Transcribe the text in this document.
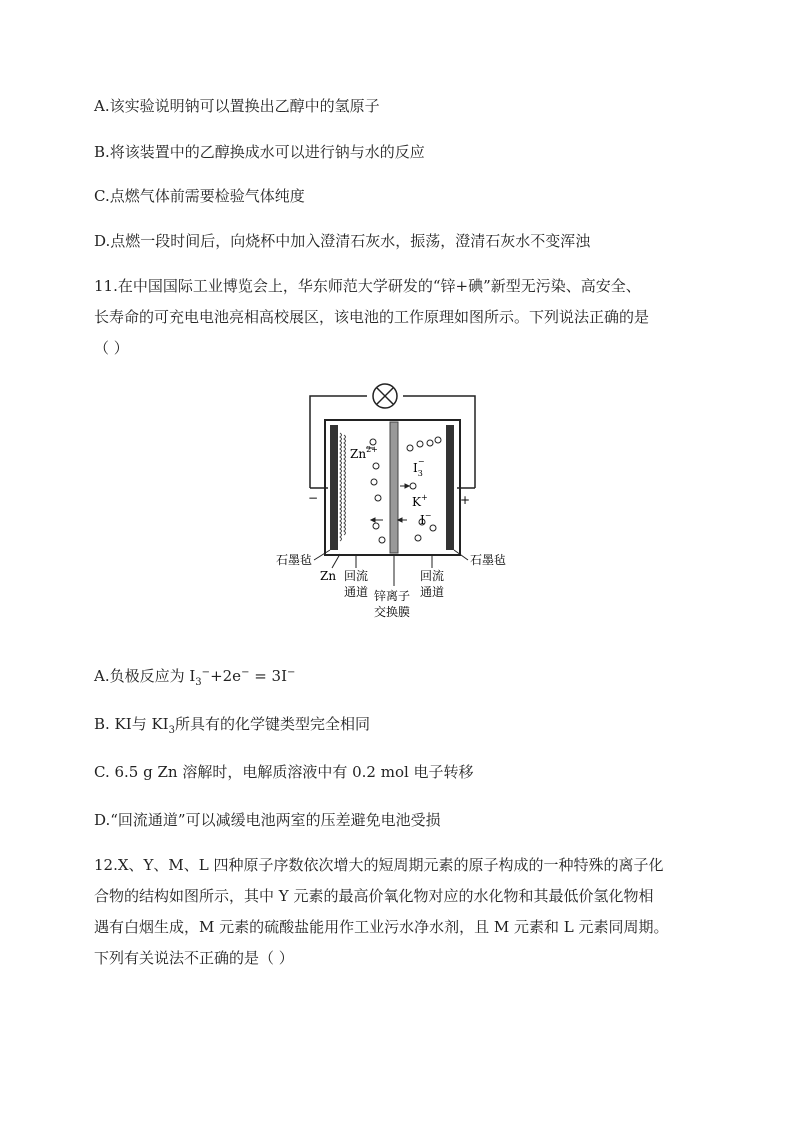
A.该实验说明钠可以置换出乙醇中的氢原子
B.将该装置中的乙醇换成水可以进行钠与水的反应
C.点燃气体前需要检验气体纯度
D.点燃一段时间后，向烧杯中加入澄清石灰水，振荡，澄清石灰水不变浑浊
11.在中国国际工业博览会上，华东师范大学研发的“锌+碘”新型无污染、高安全、
长寿命的可充电电池亮相高校展区，该电池的工作原理如图所示。下列说法正确的是
（ ）
−	+
$Zn^{2+}$
$I_3-$
K+
I−
石墨毡	石墨毡
Zn 回流
通道
回流
通道
锌离子
交换膜
A.负极反应为 $I_3^-+2e^- = 3I^-$
B. KI与 $KI_3$所具有的化学键类型完全相同
C. 6.5 g Zn 溶解时，电解质溶液中有 0.2 mol 电子转移
D.“回流通道”可以减缓电池两室的压差避免电池受损
12.X、Y、M、L 四种原子序数依次增大的短周期元素的原子构成的一种特殊的离子化
合物的结构如图所示，其中 Y 元素的最高价氧化物对应的水化物和其最低价氢化物相
遇有白烟生成，M 元素的硫酸盐能用作工业污水净水剂，且 M 元素和 L 元素同周期。
下列有关说法不正确的是（ ）
